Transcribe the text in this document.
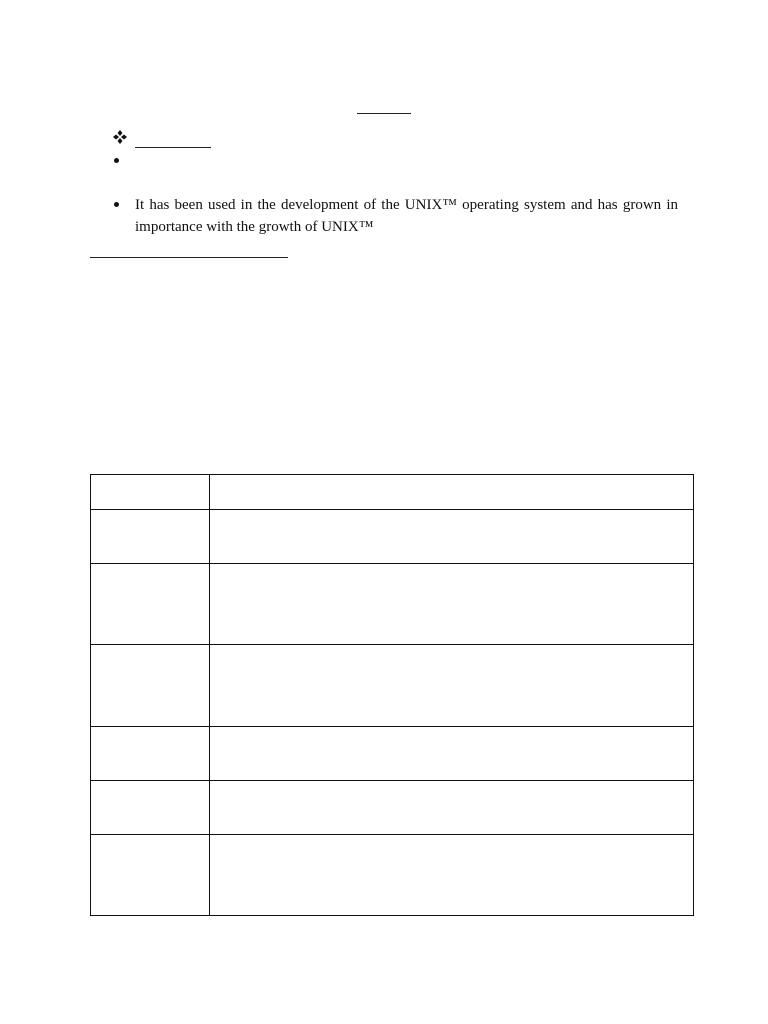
It has been used in the development of the UNIX™ operating system and has grown in importance with the growth of UNIX™
